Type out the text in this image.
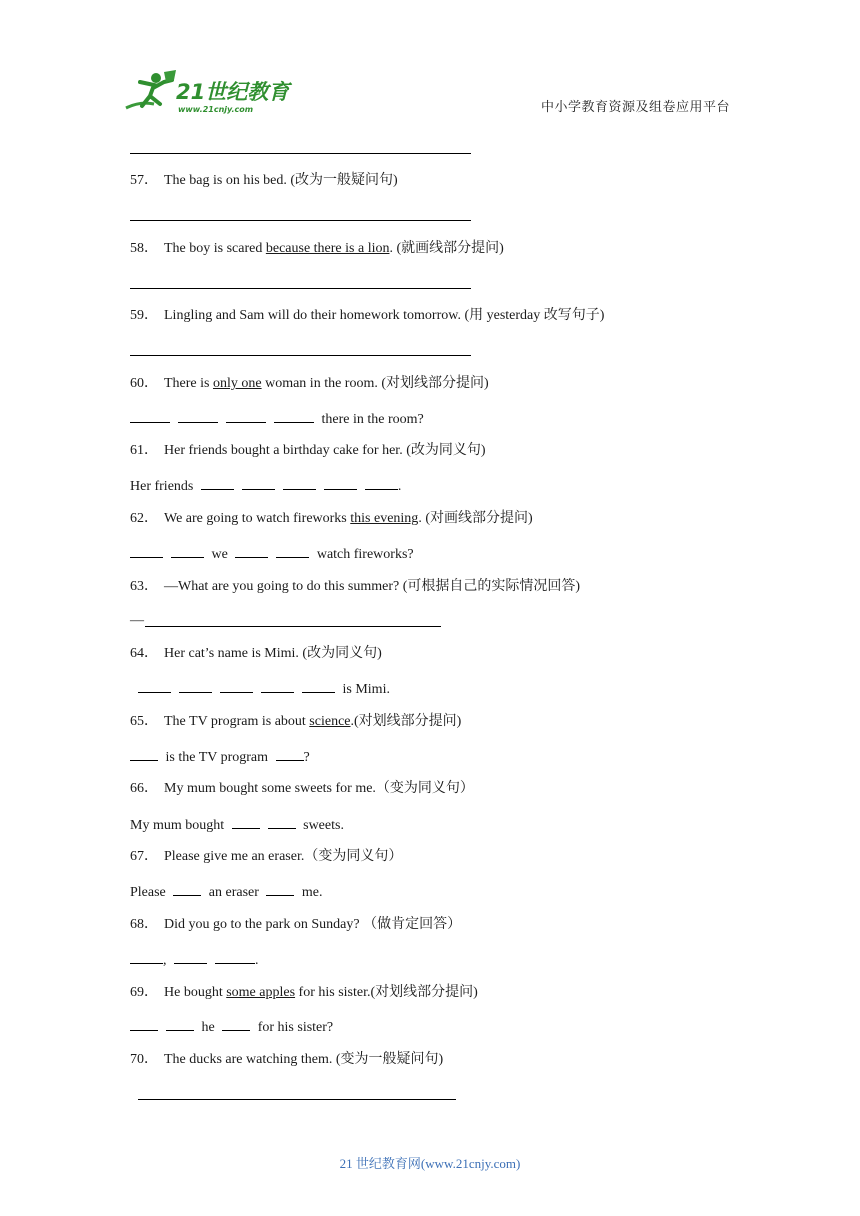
21世纪教育
www.21cnjy.com	中小学教育资源及组卷应用平台
57． The bag is on his bed. (改为一般疑问句)
58． The boy is scared because there is a lion. (就画线部分提问)
59． Lingling and Sam will do their homework tomorrow. (用 yesterday 改写句子)
60． There is only one woman in the room. (对划线部分提问)
there in the room?
61． Her friends bought a birthday cake for her. (改为同义句)
Her friends	.
62． We are going to watch fireworks this evening. (对画线部分提问)
we	watch fireworks?
63． —What are you going to do this summer? (可根据自己的实际情况回答)
—
64． Her cat’s name is Mimi. (改为同义句)
is Mimi.
65． The TV program is about science.(对划线部分提问)
is the TV program	?
66． My mum bought some sweets for me.（变为同义句）
My mum bought	sweets.
67． Please give me an eraser.（变为同义句）
Please	an eraser	me.
68． Did you go to the park on Sunday? （做肯定回答）
,	.
69． He bought some apples for his sister.(对划线部分提问)
he	for his sister?
70． The ducks are watching them. (变为一般疑问句)
21 世纪教育网(www.21cnjy.com)
